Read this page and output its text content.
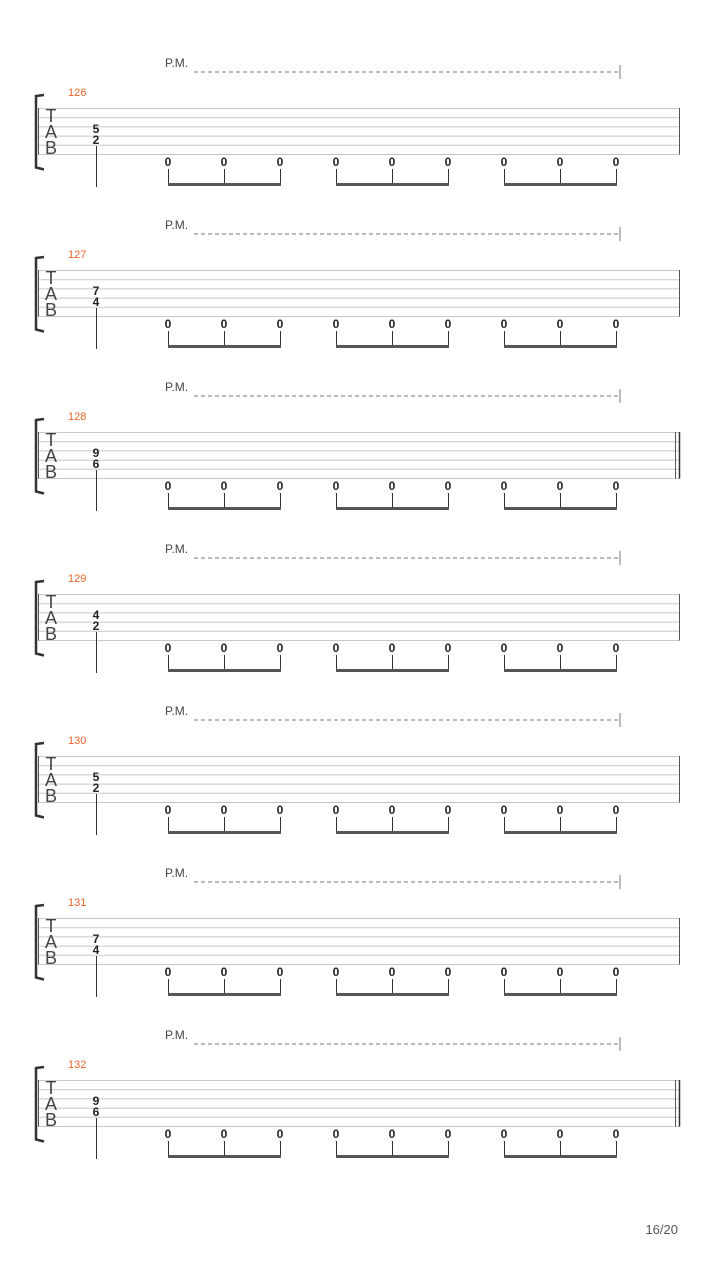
P.M.
126
T
A
B
5
2
0	0	0	0	0	0	0	0	0
P.M.
127
T
A
B
7
4
0	0	0	0	0	0	0	0	0
P.M.
128
T
A
B
9
6
0	0	0	0	0	0	0	0	0
P.M.
129
T
A
B
4
2
0	0	0	0	0	0	0	0	0
P.M.
130
T
A
B
5
2
0	0	0	0	0	0	0	0	0
P.M.
131
T
A
B
7
4
0	0	0	0	0	0	0	0	0
P.M.
132
T
A
B
9
6
0	0	0	0	0	0	0	0	0
16/20
